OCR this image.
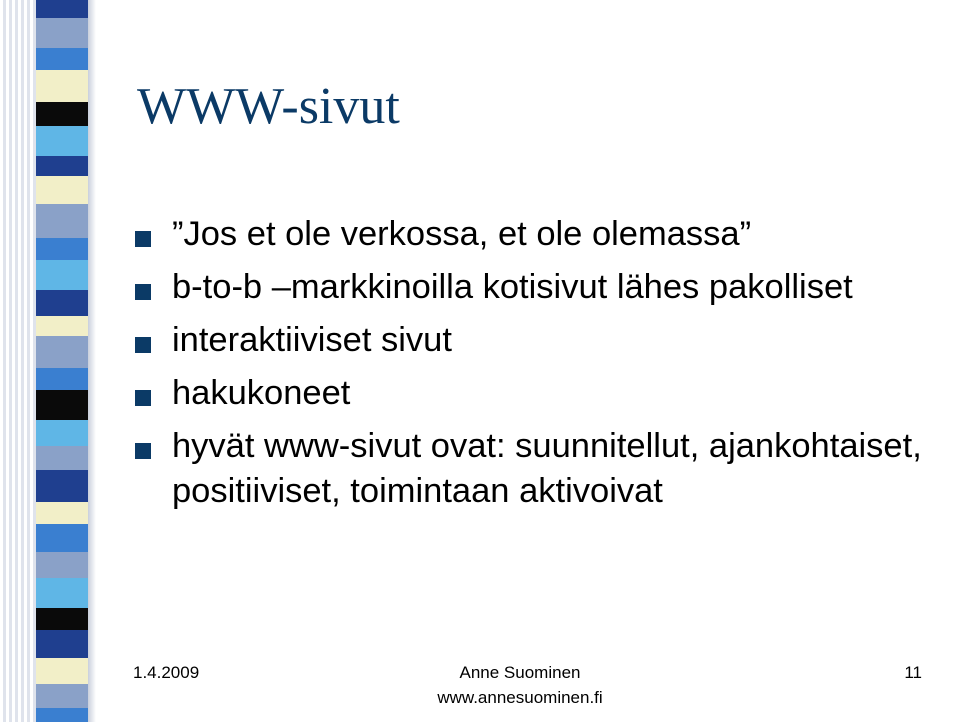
WWW-sivut
”Jos et ole verkossa, et ole olemassa”
b-to-b –markkinoilla kotisivut lähes pakolliset
interaktiiviset sivut
hakukoneet
hyvät www-sivut ovat: suunnitellut, ajankohtaiset, positiiviset, toimintaan aktivoivat
1.4.2009	Anne Suominen
www.annesuominen.fi
11
